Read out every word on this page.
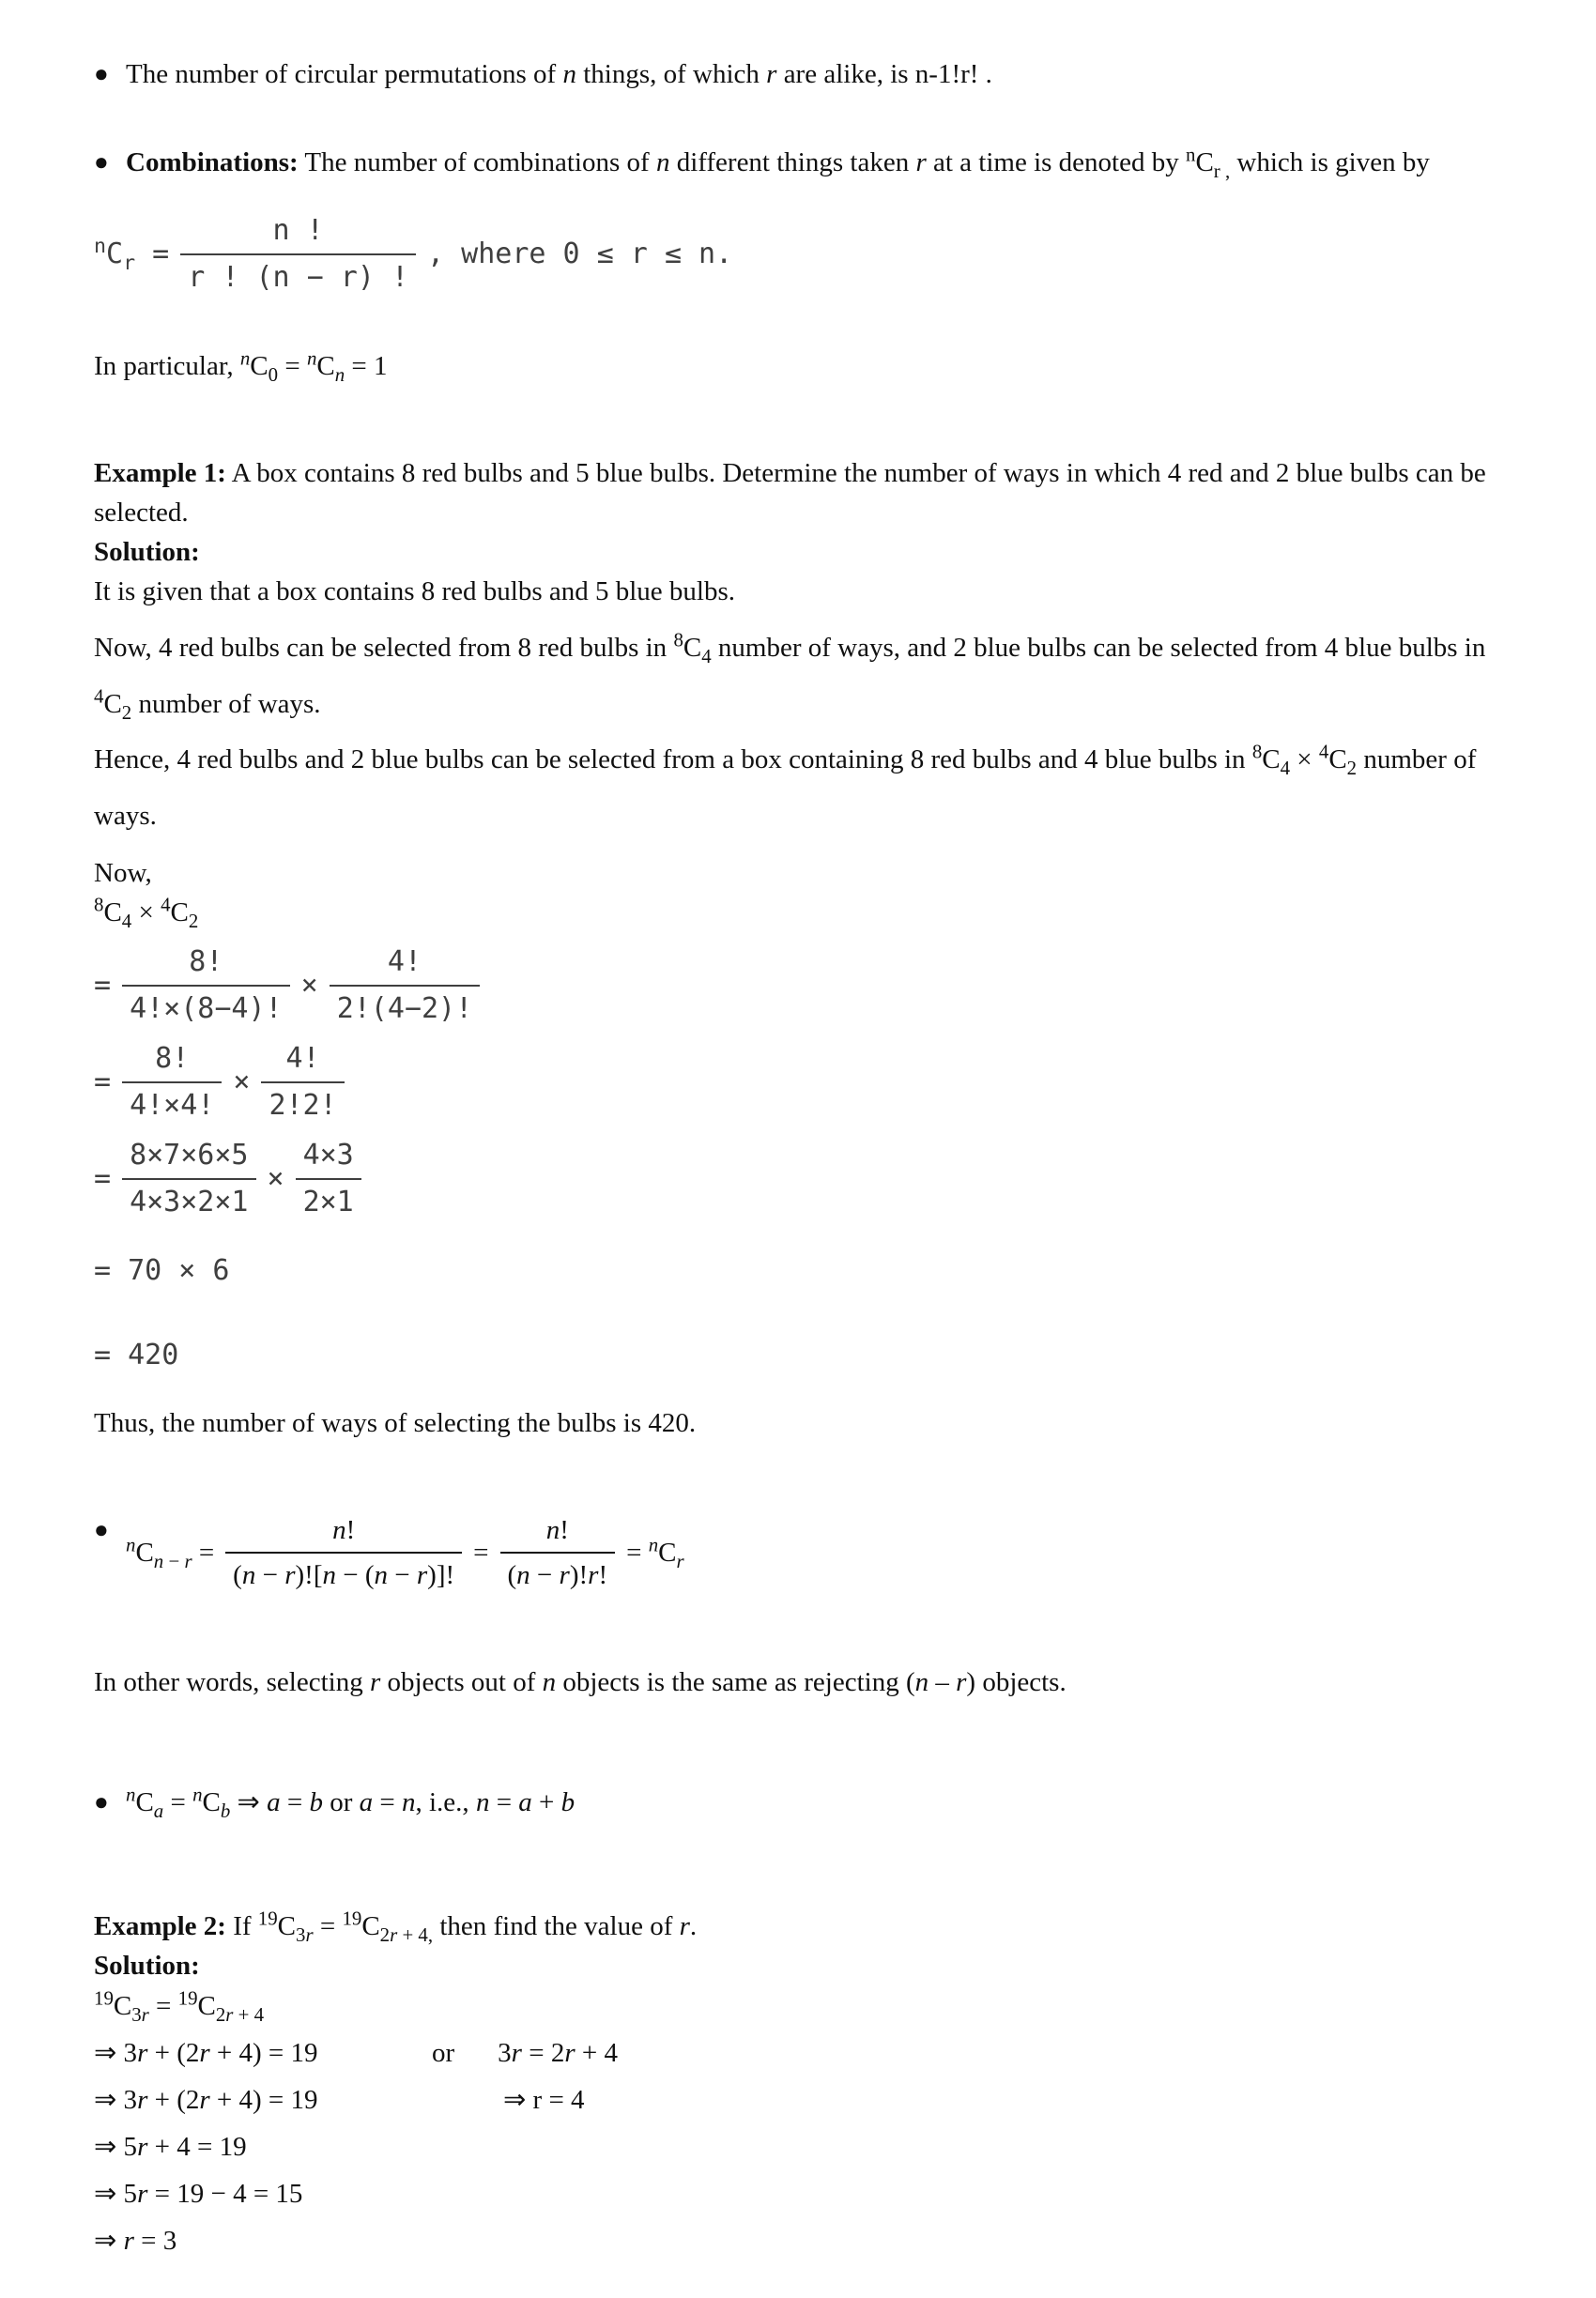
● The number of circular permutations of n things, of which r are alike, is n-1!r! .

● Combinations: The number of combinations of n different things taken r at a time is denoted by $^nC_{r ,}$ which is given by

$^nC_r = \frac{n !}{r ! (n - r) !}$ , where 0 ≤ r ≤ n.

In particular, $^nC_0 = ^nC_n = 1$

Example 1: A box contains 8 red bulbs and 5 blue bulbs. Determine the number of ways in which 4 red and 2 blue bulbs can be selected.

Solution:

It is given that a box contains 8 red bulbs and 5 blue bulbs.

Now, 4 red bulbs can be selected from 8 red bulbs in $^8C_4$ number of ways, and 2 blue bulbs can be selected from 4 blue bulbs in $^4C_2$ number of ways.

Hence, 4 red bulbs and 2 blue bulbs can be selected from a box containing 8 red bulbs and 4 blue bulbs in $^8C_4 \times ^4C_2$ number of ways.

Now,

$^8C_4 \times ^4C_2$

= $\frac{8!}{4!\times(8-4)!} \times \frac{4!}{2!(4-2)!}$
= $\frac{8!}{4!\times 4!} \times \frac{4!}{2!2!}$
= $\frac{8\times 7\times 6\times 5}{4\times 3\times 2\times 1} \times \frac{4\times 3}{2\times 1}$

= 70 × 6

= 420

Thus, the number of ways of selecting the bulbs is 420.

●
$^nC_{n - r} = \frac{n!}{(n - r)![n - (n - r)]!} = \frac{n!}{(n - r)!r!} = ^nC_r$

In other words, selecting r objects out of n objects is the same as rejecting (n – r) objects.

● $^nC_a = ^nC_b$ ⇒ a = b or a = n, i.e., n = a + b

Example 2: If $^{19}C_{3r} = ^{19}C_{2r + 4,}$ then find the value of r.

Solution:

$^{19}C_{3r} = ^{19}C_{2r + 4}$

⇒ 3r + (2r + 4) = 19	or 3r = 2r + 4
⇒ 3r + (2r + 4) = 19	⇒ r = 4
⇒ 5r + 4 = 19
⇒ 5r = 19 − 4 = 15
⇒ r = 3
